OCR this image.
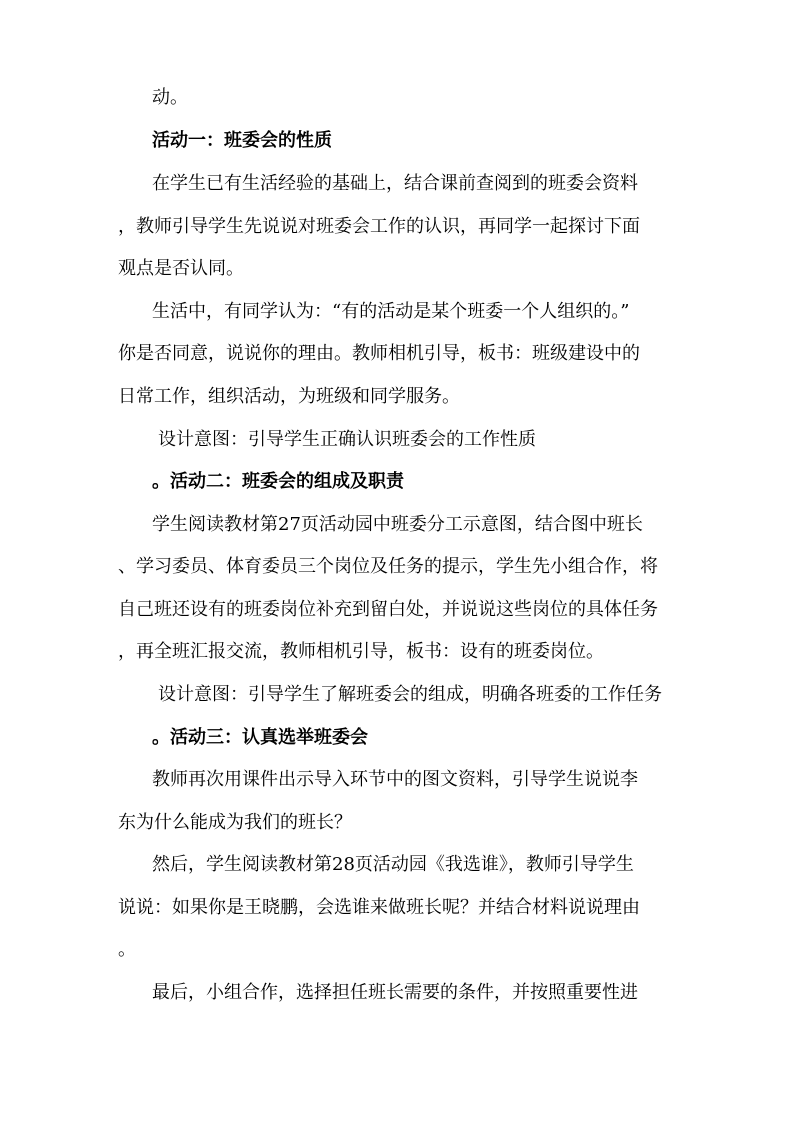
动。
活动一：班委会的性质
在学生已有生活经验的基础上，结合课前查阅到的班委会资料
，教师引导学生先说说对班委会工作的认识，再同学一起探讨下面
观点是否认同。
生活中，有同学认为：“有的活动是某个班委一个人组织的。”
你是否同意，说说你的理由。教师相机引导，板书：班级建设中的
日常工作，组织活动，为班级和同学服务。
设计意图：引导学生正确认识班委会的工作性质
。活动二：班委会的组成及职责
学生阅读教材第27页活动园中班委分工示意图，结合图中班长
、学习委员、体育委员三个岗位及任务的提示，学生先小组合作，将
自己班还设有的班委岗位补充到留白处，并说说这些岗位的具体任务
，再全班汇报交流，教师相机引导，板书：设有的班委岗位。
设计意图：引导学生了解班委会的组成，明确各班委的工作任务
。活动三：认真选举班委会
教师再次用课件出示导入环节中的图文资料，引导学生说说李
东为什么能成为我们的班长？
然后，学生阅读教材第28页活动园《我选谁》，教师引导学生
说说：如果你是王晓鹏，会选谁来做班长呢？并结合材料说说理由
。
最后，小组合作，选择担任班长需要的条件，并按照重要性进
